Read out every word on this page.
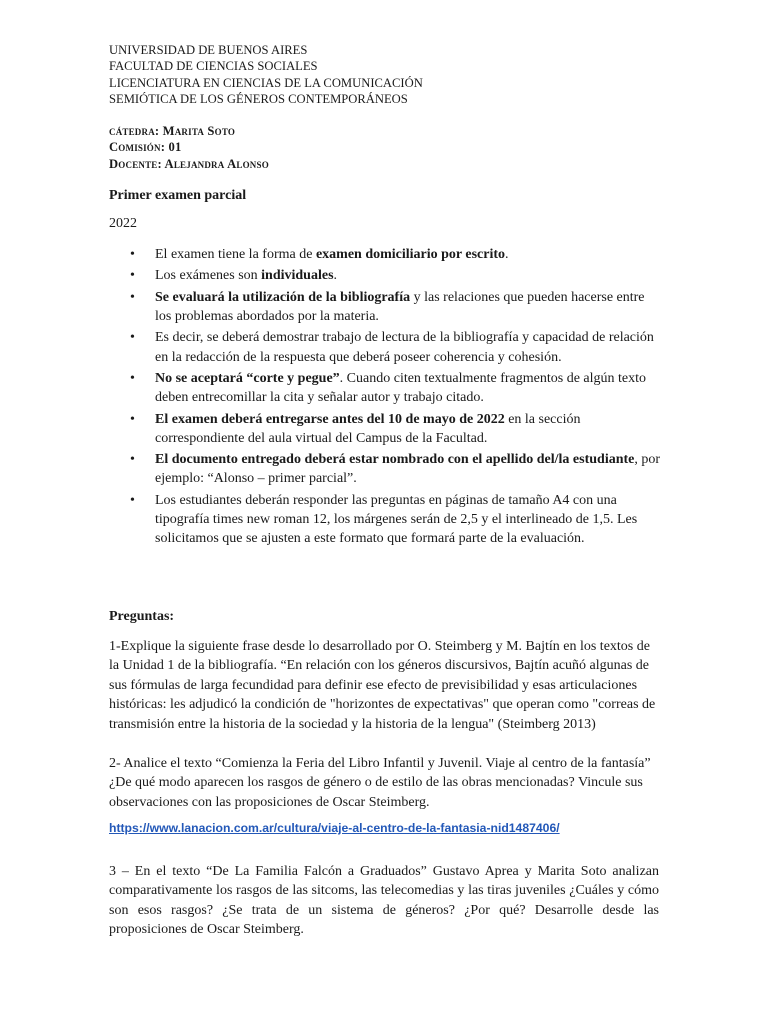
UNIVERSIDAD DE BUENOS AIRES
FACULTAD DE CIENCIAS SOCIALES
LICENCIATURA EN CIENCIAS DE LA COMUNICACIÓN
SEMIÓTICA DE LOS GÉNEROS CONTEMPORÁNEOS
cátedra: Marita Soto
Comisión: 01
Docente: Alejandra Alonso
Primer examen parcial
2022
• El examen tiene la forma de examen domiciliario por escrito.
• Los exámenes son individuales.
• Se evaluará la utilización de la bibliografía y las relaciones que pueden hacerse entre los problemas abordados por la materia.
• Es decir, se deberá demostrar trabajo de lectura de la bibliografía y capacidad de relación en la redacción de la respuesta que deberá poseer coherencia y cohesión.
• No se aceptará “corte y pegue”. Cuando citen textualmente fragmentos de algún texto deben entrecomillar la cita y señalar autor y trabajo citado.
• El examen deberá entregarse antes del 10 de mayo de 2022 en la sección correspondiente del aula virtual del Campus de la Facultad.
• El documento entregado deberá estar nombrado con el apellido del/la estudiante, por ejemplo: “Alonso – primer parcial”.
• Los estudiantes deberán responder las preguntas en páginas de tamaño A4 con una tipografía times new roman 12, los márgenes serán de 2,5 y el interlineado de 1,5. Les solicitamos que se ajusten a este formato que formará parte de la evaluación.
Preguntas:

1-Explique la siguiente frase desde lo desarrollado por O. Steimberg y M. Bajtín en los textos de la Unidad 1 de la bibliografía. “En relación con los géneros discursivos, Bajtín acuñó algunas de sus fórmulas de larga fecundidad para definir ese efecto de previsibilidad y esas articulaciones históricas: les adjudicó la condición de "horizontes de expectativas" que operan como "correas de transmisión entre la historia de la sociedad y la historia de la lengua" (Steimberg 2013)

2- Analice el texto “Comienza la Feria del Libro Infantil y Juvenil. Viaje al centro de la fantasía” ¿De qué modo aparecen los rasgos de género o de estilo de las obras mencionadas? Vincule sus observaciones con las proposiciones de Oscar Steimberg.

https://www.lanacion.com.ar/cultura/viaje-al-centro-de-la-fantasia-nid1487406/

3 – En el texto “De La Familia Falcón a Graduados” Gustavo Aprea y Marita Soto analizan comparativamente los rasgos de las sitcoms, las telecomedias y las tiras juveniles ¿Cuáles y cómo son esos rasgos? ¿Se trata de un sistema de géneros? ¿Por qué? Desarrolle desde las proposiciones de Oscar Steimberg.
